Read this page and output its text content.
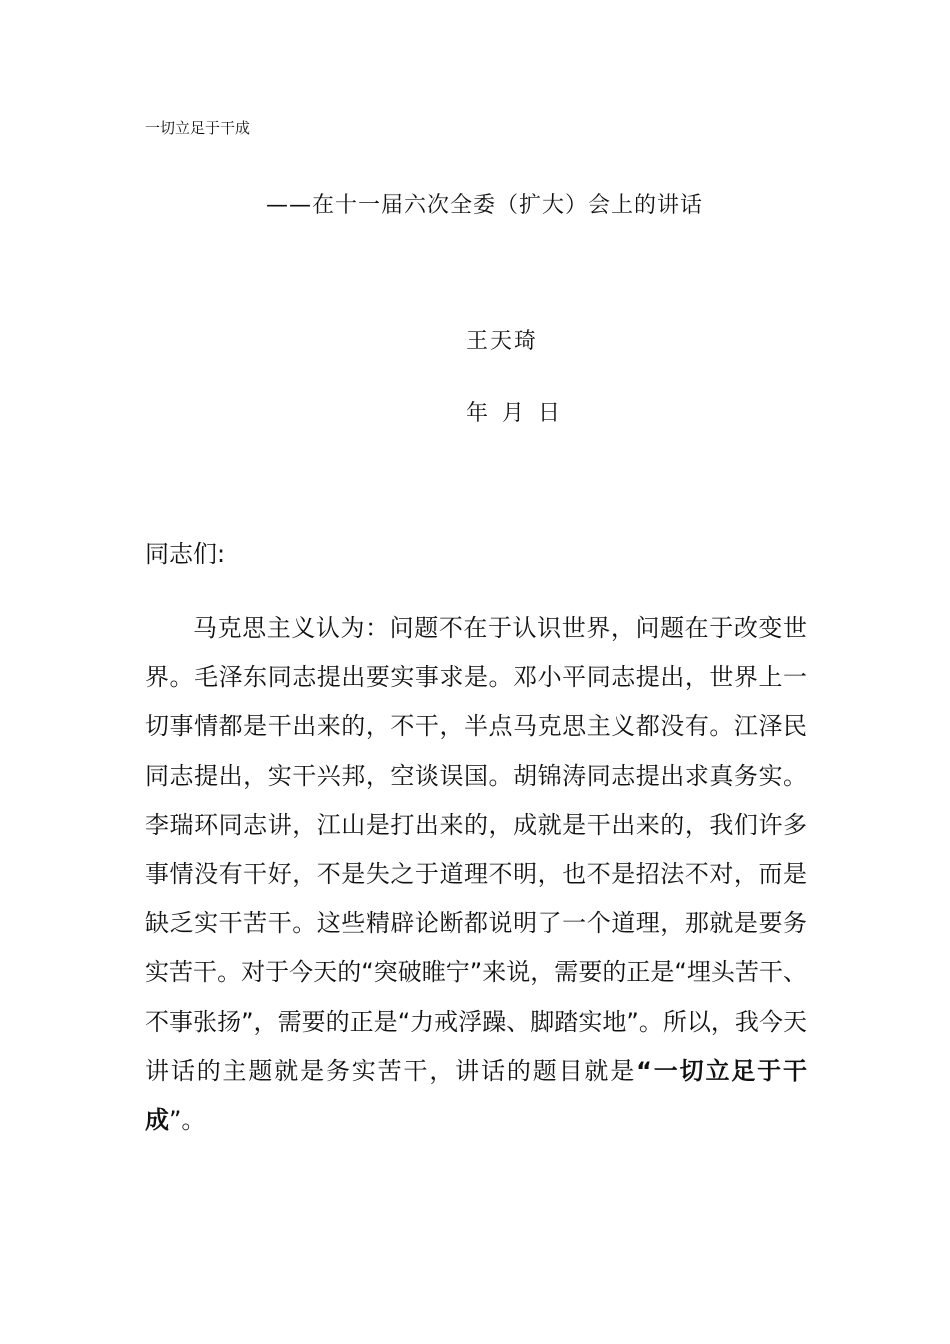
一切立足于干成
——在十一届六次全委（扩大）会上的讲话
王天琦
年  月  日
同志们:

马克思主义认为：问题不在于认识世界，问题在于改变世界。毛泽东同志提出要实事求是。邓小平同志提出，世界上一切事情都是干出来的，不干，半点马克思主义都没有。江泽民同志提出，实干兴邦，空谈误国。胡锦涛同志提出求真务实。李瑞环同志讲，江山是打出来的，成就是干出来的，我们许多事情没有干好，不是失之于道理不明，也不是招法不对，而是缺乏实干苦干。这些精辟论断都说明了一个道理，那就是要务实苦干。对于今天的“突破睢宁”来说，需要的正是“埋头苦干、不事张扬”，需要的正是“力戒浮躁、脚踏实地”。所以，我今天讲话的主题就是务实苦干，讲话的题目就是“一切立足于干成”。
